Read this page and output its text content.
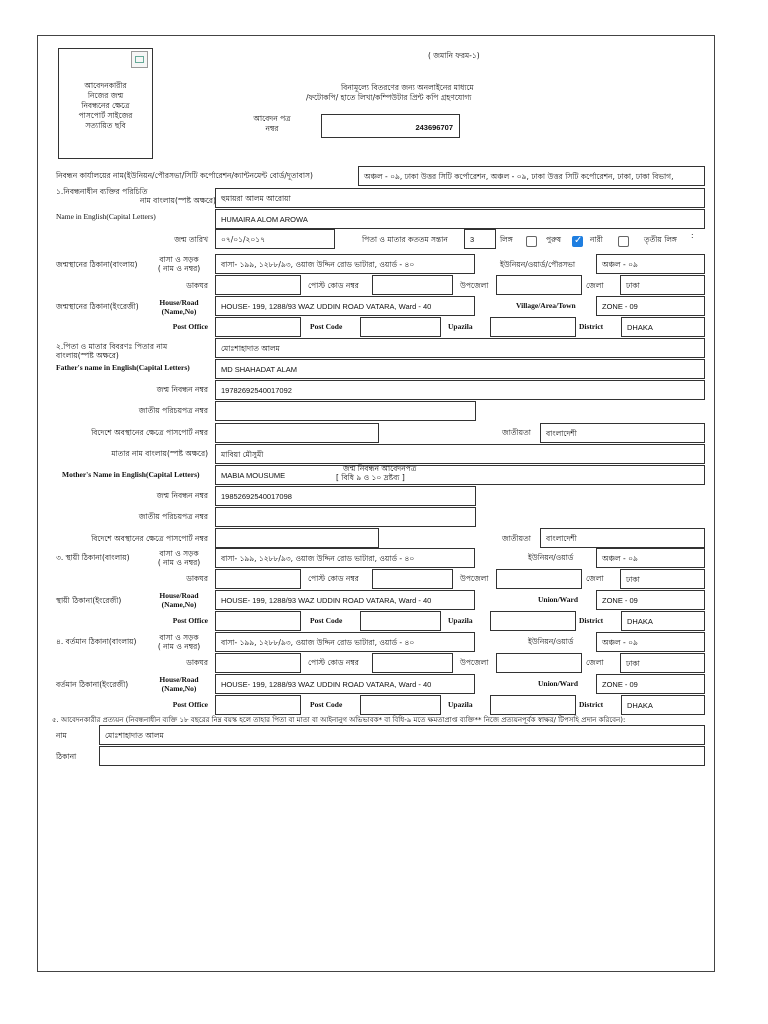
আবেদনকারীর
নিজের জন্ম
নিবন্ধনের ক্ষেত্রে
পাসপোর্ট সাইজের
সত্যায়িত ছবি
( জমানি ফরম-১)
বিনামূল্যে বিতরণের জন্য অনলাইনের মাধ্যমে
/ফটোকপি/ হাতে লিখা/কম্পিউটার প্রিন্ট কপি গ্রহণযোগ্য
আবেদন পত্র
নম্বর	243696707
নিবন্ধন কার্যালয়ের নাম(ইউনিয়ন/পৌরসভা/সিটি কর্পোরেশন/ক্যান্টনমেন্ট বোর্ড/দূতাবাস)	অঞ্চল - ০৯, ঢাকা উত্তর সিটি কর্পোরেশন, অঞ্চল - ০৯, ঢাকা উত্তর সিটি কর্পোরেশন, ঢাকা, ঢাকা বিভাগ,
১.নিবন্ধনাধীন ব্যক্তির পরিচিতি
নাম বাংলায়(স্পষ্ট অক্ষরে) হুমায়রা আলম আরোয়া
Name in English(Capital Letters)	HUMAIRA ALOM AROWA
জন্ম তারিখ	০৭/০১/২০১৭	পিতা ও মাতার কততম সন্তান	3	লিঙ্গ	পুরুষ ✓	নারী	তৃতীয় লিঙ্গ :
জন্মস্থানের ঠিকানা(বাংলায়)
বাসা ও সড়ক
( নাম ও নম্বর)	বাসা- ১৯৯, ১২৮৮/৯৩, ওয়াজ উদ্দিন রোড ভাটারা, ওয়ার্ড - ৪০	ইউনিয়ন/ওয়ার্ড/পৌরসভা	অঞ্চল - ০৯
ডাকঘর	পোস্ট কোড নম্বর	উপজেলা	জেলা	ঢাকা
জন্মস্থানের ঠিকানা(ইংরেজী)	House/Road
(Name,No)
HOUSE- 199, 1288/93 WAZ UDDIN ROAD VATARA, Ward - 40	Village/Area/Town	ZONE - 09
Post Office	Post Code	Upazila	District	DHAKA
২.পিতা ও মাতার বিবরণঃ পিতার নাম
বাংলায়(স্পষ্ট অক্ষরে)
মোঃশাহাদাত আলম
Father's name in English(Capital Letters)	MD SHAHADAT ALAM
জন্ম নিবন্ধন নম্বর	19782692540017092
জাতীয় পরিচয়পত্র নম্বর
বিদেশে অবস্থানের ক্ষেত্রে পাসপোর্ট নম্বর	জাতীয়তা	বাংলাদেশী
মাতার নাম বাংলায়(স্পষ্ট অক্ষরে)	মাবিয়া মৌসুমী
Mother's Name in English(Capital Letters)	MABIA MOUSUME
জন্ম নিবন্ধন আবেদনপত্র
[ বিধি ৯ ও ১০ দ্রষ্টব্য ]
জন্ম নিবন্ধন নম্বর	19852692540017098
জাতীয় পরিচয়পত্র নম্বর
বিদেশে অবস্থানের ক্ষেত্রে পাসপোর্ট নম্বর	জাতীয়তা	বাংলাদেশী
৩. স্থায়ী ঠিকানা(বাংলায়)	বাসা ও সড়ক
( নাম ও নম্বর)	বাসা- ১৯৯, ১২৮৮/৯৩, ওয়াজ উদ্দিন রোড ভাটারা, ওয়ার্ড - ৪০	ইউনিয়ন/ওয়ার্ড	অঞ্চল - ০৯
ডাকঘর	পোস্ট কোড নম্বর	উপজেলা	জেলা	ঢাকা
স্থায়ী ঠিকানা(ইংরেজী)
House/Road
(Name,No)	HOUSE- 199, 1288/93 WAZ UDDIN ROAD VATARA, Ward - 40	Union/Ward	ZONE - 09
Post Office	Post Code	Upazila	District	DHAKA
৪. বর্তমান ঠিকানা(বাংলায়)	বাসা ও সড়ক
( নাম ও নম্বর)	বাসা- ১৯৯, ১২৮৮/৯৩, ওয়াজ উদ্দিন রোড ভাটারা, ওয়ার্ড - ৪০	ইউনিয়ন/ওয়ার্ড	অঞ্চল - ০৯
ডাকঘর	পোস্ট কোড নম্বর	উপজেলা	জেলা	ঢাকা
বর্তমান ঠিকানা(ইংরেজী)
House/Road
(Name,No)	HOUSE- 199, 1288/93 WAZ UDDIN ROAD VATARA, Ward - 40	Union/Ward	ZONE - 09
Post Office	Post Code	Upazila	District	DHAKA
৫. আবেদনকারীর প্রত্যয়ন (নিবন্ধনাধীন ব্যক্তি ১৮ বছরের নিম্ন বয়স্ক হলে তাহার পিতা বা মাতা বা আইনানুগ অভিভাবক* বা বিধি-৯ মতে ক্ষমতাপ্রাপ্ত ব্যক্তি** নিজে প্রত্যয়নপূর্বক স্বাক্ষর/ টিপসহি প্রদান করিবেন):
নাম	মোঃশাহাদাত আলম
ঠিকানা
